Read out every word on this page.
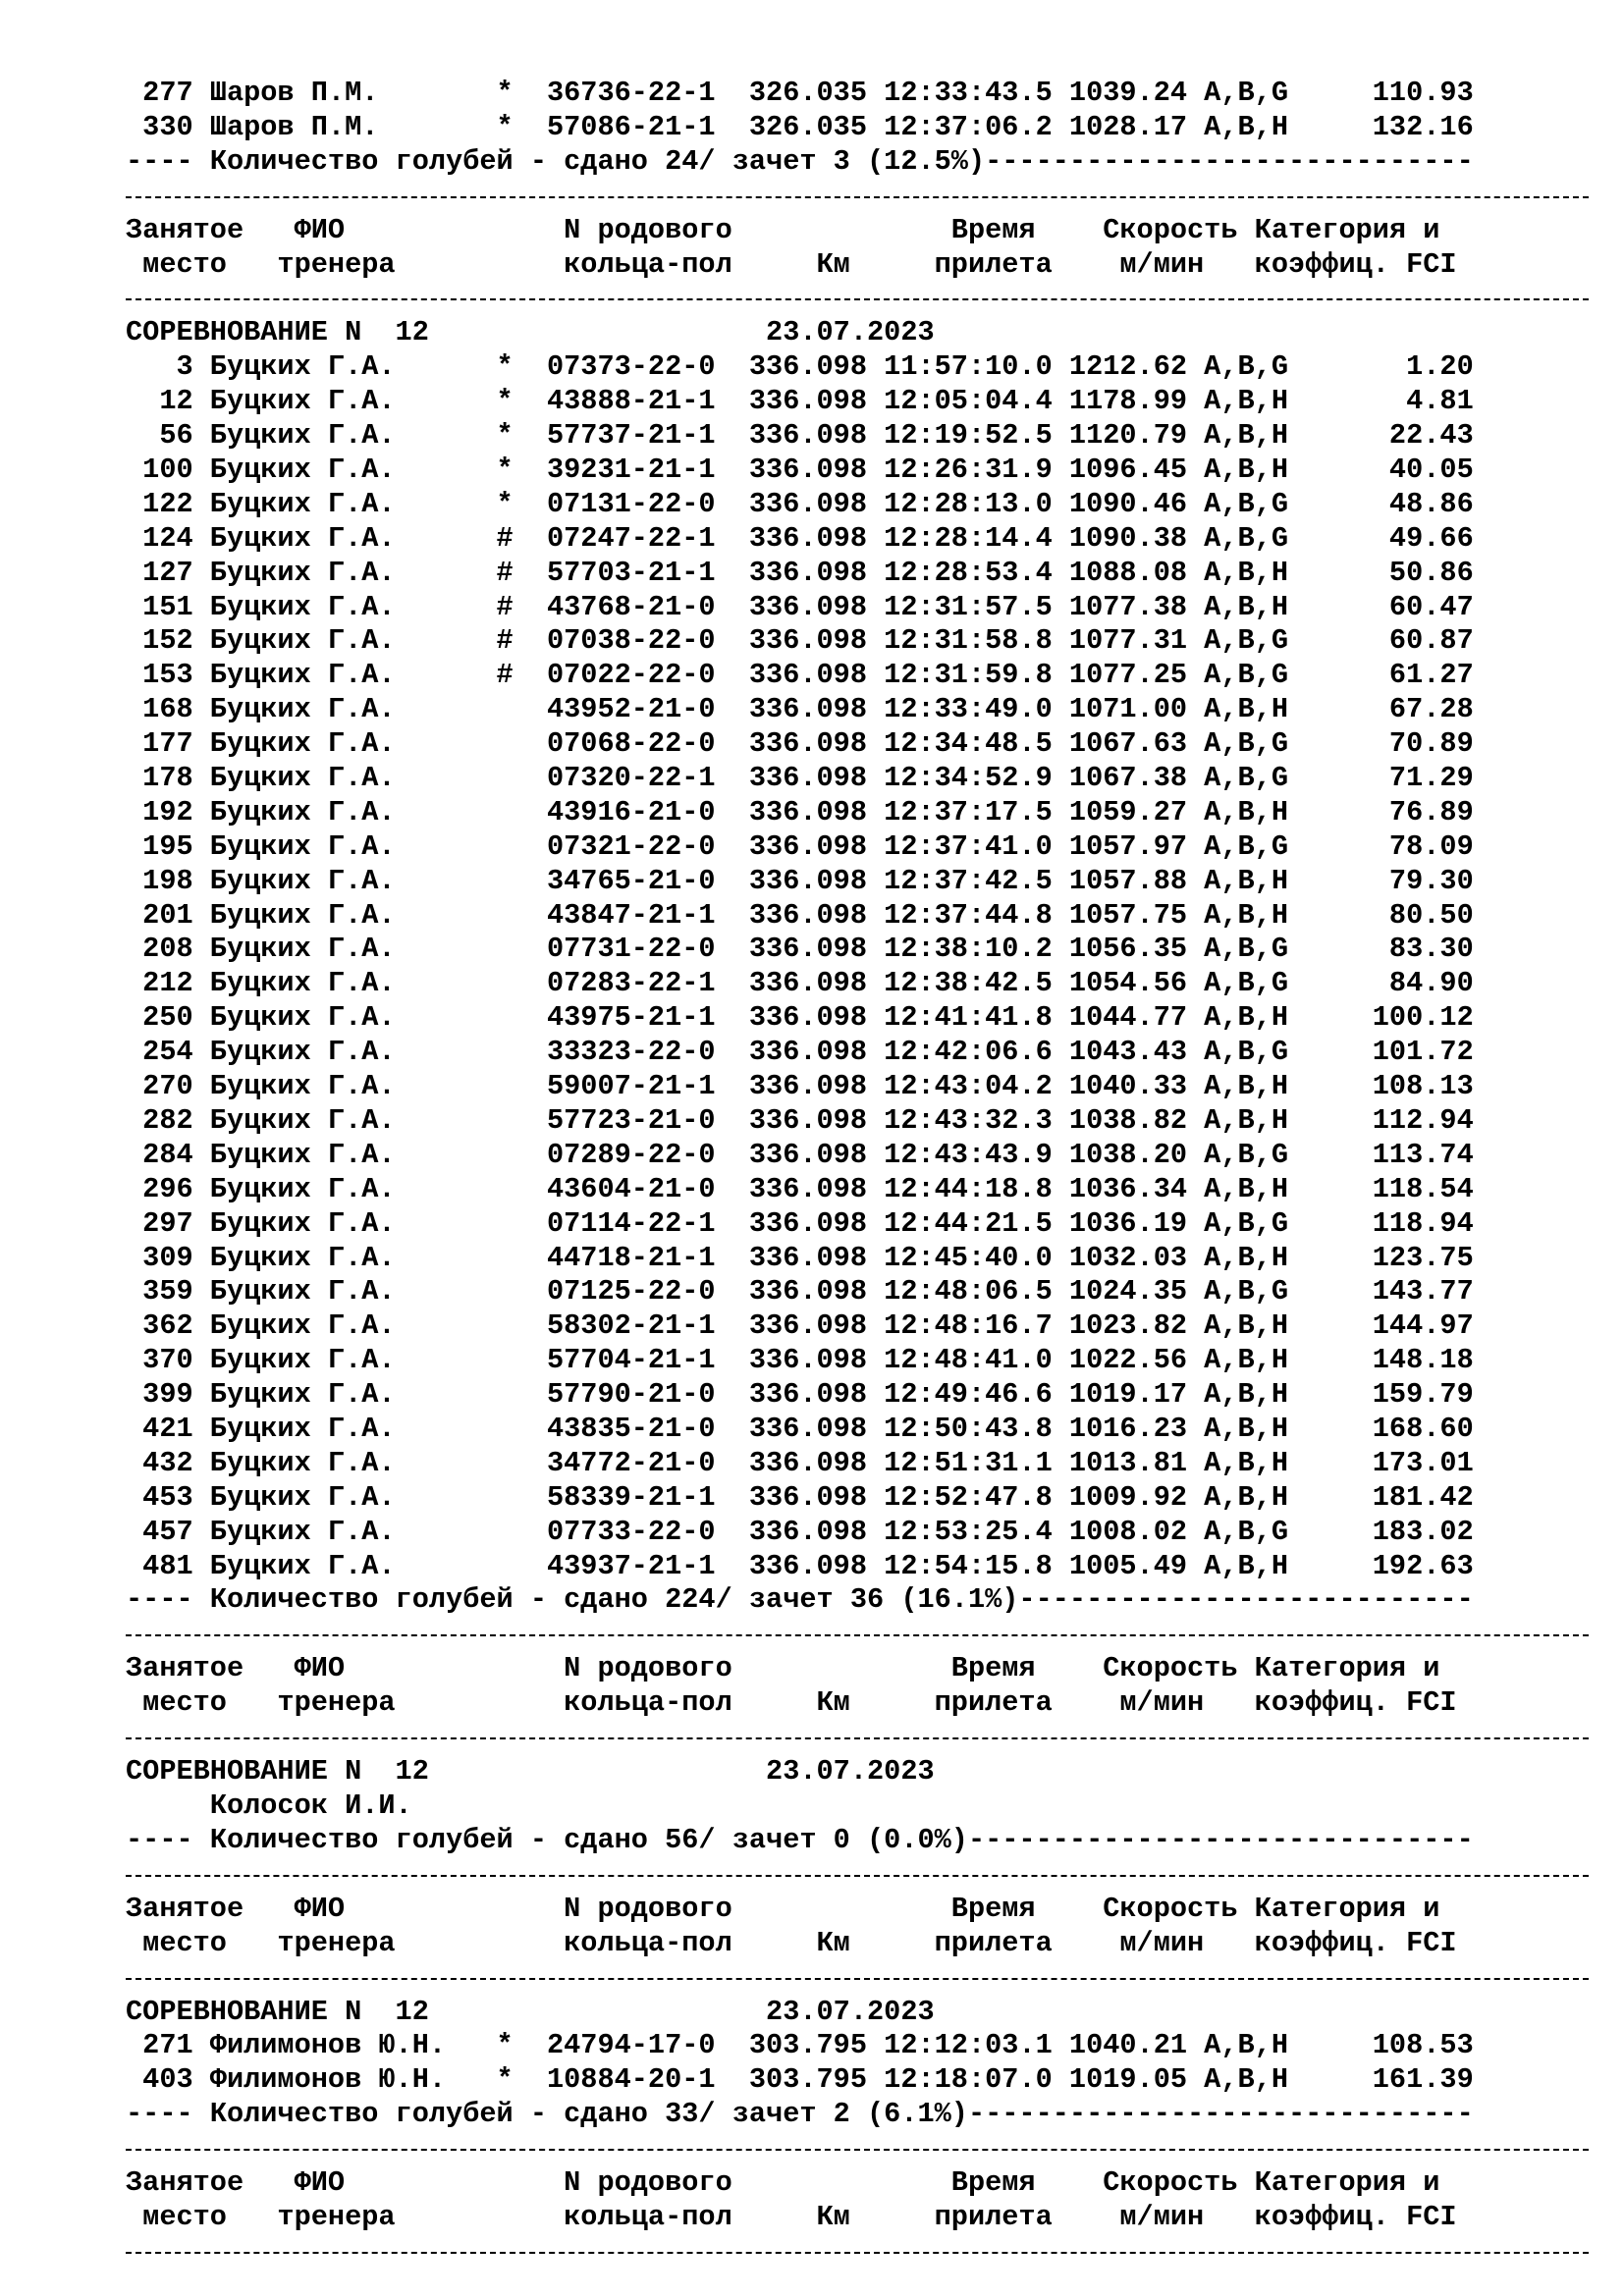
277 Шаров П.М.       *  36736-22-1  326.035 12:33:43.5 1039.24 A,B,G     110.93
330 Шаров П.М.       *  57086-21-1  326.035 12:37:06.2 1028.17 A,B,H     132.16
---- Количество голубей - сдано 24/ зачет 3 (12.5%)-----------------------------
Занятое   ФИО             N родового             Время    Скорость Категория и
место   тренера          кольца-пол     Км     прилета    м/мин   коэффиц. FCI
СОРЕВНОВАНИЕ N  12                    23.07.2023
3 Буцких Г.А.      *  07373-22-0  336.098 11:57:10.0 1212.62 A,B,G       1.20
12 Буцких Г.А.      *  43888-21-1  336.098 12:05:04.4 1178.99 A,B,H       4.81
56 Буцких Г.А.      *  57737-21-1  336.098 12:19:52.5 1120.79 A,B,H      22.43
100 Буцких Г.А.      *  39231-21-1  336.098 12:26:31.9 1096.45 A,B,H      40.05
122 Буцких Г.А.      *  07131-22-0  336.098 12:28:13.0 1090.46 A,B,G      48.86
124 Буцких Г.А.      #  07247-22-1  336.098 12:28:14.4 1090.38 A,B,G      49.66
127 Буцких Г.А.      #  57703-21-1  336.098 12:28:53.4 1088.08 A,B,H      50.86
151 Буцких Г.А.      #  43768-21-0  336.098 12:31:57.5 1077.38 A,B,H      60.47
152 Буцких Г.А.      #  07038-22-0  336.098 12:31:58.8 1077.31 A,B,G      60.87
153 Буцких Г.А.      #  07022-22-0  336.098 12:31:59.8 1077.25 A,B,G      61.27
168 Буцких Г.А.         43952-21-0  336.098 12:33:49.0 1071.00 A,B,H      67.28
177 Буцких Г.А.         07068-22-0  336.098 12:34:48.5 1067.63 A,B,G      70.89
178 Буцких Г.А.         07320-22-1  336.098 12:34:52.9 1067.38 A,B,G      71.29
192 Буцких Г.А.         43916-21-0  336.098 12:37:17.5 1059.27 A,B,H      76.89
195 Буцких Г.А.         07321-22-0  336.098 12:37:41.0 1057.97 A,B,G      78.09
198 Буцких Г.А.         34765-21-0  336.098 12:37:42.5 1057.88 A,B,H      79.30
201 Буцких Г.А.         43847-21-1  336.098 12:37:44.8 1057.75 A,B,H      80.50
208 Буцких Г.А.         07731-22-0  336.098 12:38:10.2 1056.35 A,B,G      83.30
212 Буцких Г.А.         07283-22-1  336.098 12:38:42.5 1054.56 A,B,G      84.90
250 Буцких Г.А.         43975-21-1  336.098 12:41:41.8 1044.77 A,B,H     100.12
254 Буцких Г.А.         33323-22-0  336.098 12:42:06.6 1043.43 A,B,G     101.72
270 Буцких Г.А.         59007-21-1  336.098 12:43:04.2 1040.33 A,B,H     108.13
282 Буцких Г.А.         57723-21-0  336.098 12:43:32.3 1038.82 A,B,H     112.94
284 Буцких Г.А.         07289-22-0  336.098 12:43:43.9 1038.20 A,B,G     113.74
296 Буцких Г.А.         43604-21-0  336.098 12:44:18.8 1036.34 A,B,H     118.54
297 Буцких Г.А.         07114-22-1  336.098 12:44:21.5 1036.19 A,B,G     118.94
309 Буцких Г.А.         44718-21-1  336.098 12:45:40.0 1032.03 A,B,H     123.75
359 Буцких Г.А.         07125-22-0  336.098 12:48:06.5 1024.35 A,B,G     143.77
362 Буцких Г.А.         58302-21-1  336.098 12:48:16.7 1023.82 A,B,H     144.97
370 Буцких Г.А.         57704-21-1  336.098 12:48:41.0 1022.56 A,B,H     148.18
399 Буцких Г.А.         57790-21-0  336.098 12:49:46.6 1019.17 A,B,H     159.79
421 Буцких Г.А.         43835-21-0  336.098 12:50:43.8 1016.23 A,B,H     168.60
432 Буцких Г.А.         34772-21-0  336.098 12:51:31.1 1013.81 A,B,H     173.01
453 Буцких Г.А.         58339-21-1  336.098 12:52:47.8 1009.92 A,B,H     181.42
457 Буцких Г.А.         07733-22-0  336.098 12:53:25.4 1008.02 A,B,G     183.02
481 Буцких Г.А.         43937-21-1  336.098 12:54:15.8 1005.49 A,B,H     192.63
---- Количество голубей - сдано 224/ зачет 36 (16.1%)---------------------------
Занятое   ФИО             N родового             Время    Скорость Категория и
место   тренера          кольца-пол     Км     прилета    м/мин   коэффиц. FCI
СОРЕВНОВАНИЕ N  12                    23.07.2023
Колосок И.И.
---- Количество голубей - сдано 56/ зачет 0 (0.0%)------------------------------
Занятое   ФИО             N родового             Время    Скорость Категория и
место   тренера          кольца-пол     Км     прилета    м/мин   коэффиц. FCI
СОРЕВНОВАНИЕ N  12                    23.07.2023
271 Филимонов Ю.Н.   *  24794-17-0  303.795 12:12:03.1 1040.21 A,B,H     108.53
403 Филимонов Ю.Н.   *  10884-20-1  303.795 12:18:07.0 1019.05 A,B,H     161.39
---- Количество голубей - сдано 33/ зачет 2 (6.1%)------------------------------
Занятое   ФИО             N родового             Время    Скорость Категория и
место   тренера          кольца-пол     Км     прилета    м/мин   коэффиц. FCI
